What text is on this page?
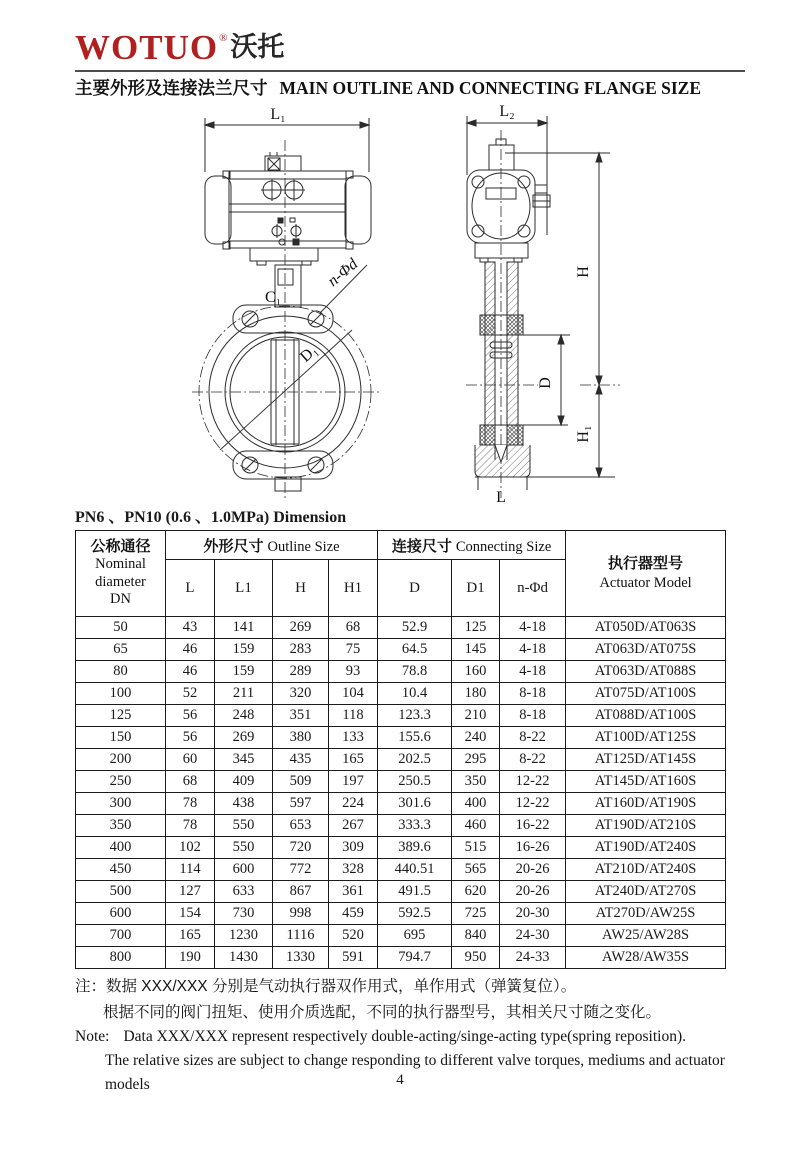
WOTUO® 沃托
主要外形及连接法兰尺寸 MAIN OUTLINE AND CONNECTING FLANGE SIZE
L₁
C₁
n-Φd
D₁
L₂
H
D
H₁
L
PN6 、PN10 (0.6 、1.0MPa) Dimension
公称通径
Nominal
diameter
DN
	外形尺寸 Outline Size	连接尺寸 Connecting Size	
执行器型号
Actuator Model

	L	L1	H	H1	D	D1	n-Φd	
50	43	141	269	68	52.9	125	4-18	AT050D/AT063S
65	46	159	283	75	64.5	145	4-18	AT063D/AT075S
80	46	159	289	93	78.8	160	4-18	AT063D/AT088S
100	52	211	320	104	10.4	180	8-18	AT075D/AT100S
125	56	248	351	118	123.3	210	8-18	AT088D/AT100S
150	56	269	380	133	155.6	240	8-22	AT100D/AT125S
200	60	345	435	165	202.5	295	8-22	AT125D/AT145S
250	68	409	509	197	250.5	350	12-22	AT145D/AT160S
300	78	438	597	224	301.6	400	12-22	AT160D/AT190S
350	78	550	653	267	333.3	460	16-22	AT190D/AT210S
400	102	550	720	309	389.6	515	16-26	AT190D/AT240S
450	114	600	772	328	440.51	565	20-26	AT210D/AT240S
500	127	633	867	361	491.5	620	20-26	AT240D/AT270S
600	154	730	998	459	592.5	725	20-30	AT270D/AW25S
700	165	1230	1116	520	695	840	24-30	AW25/AW28S
800	190	1430	1330	591	794.7	950	24-33	AW28/AW35S
注：数据 XXX/XXX 分别是气动执行器双作用式，单作用式（弹簧复位）。
根据不同的阀门扭矩、使用介质选配，不同的执行器型号，其相关尺寸随之变化。
Note: Data XXX/XXX represent respectively double-acting/singe-acting type(spring reposition).
The relative sizes are subject to change responding to different valve torques, mediums and actuator models	4
